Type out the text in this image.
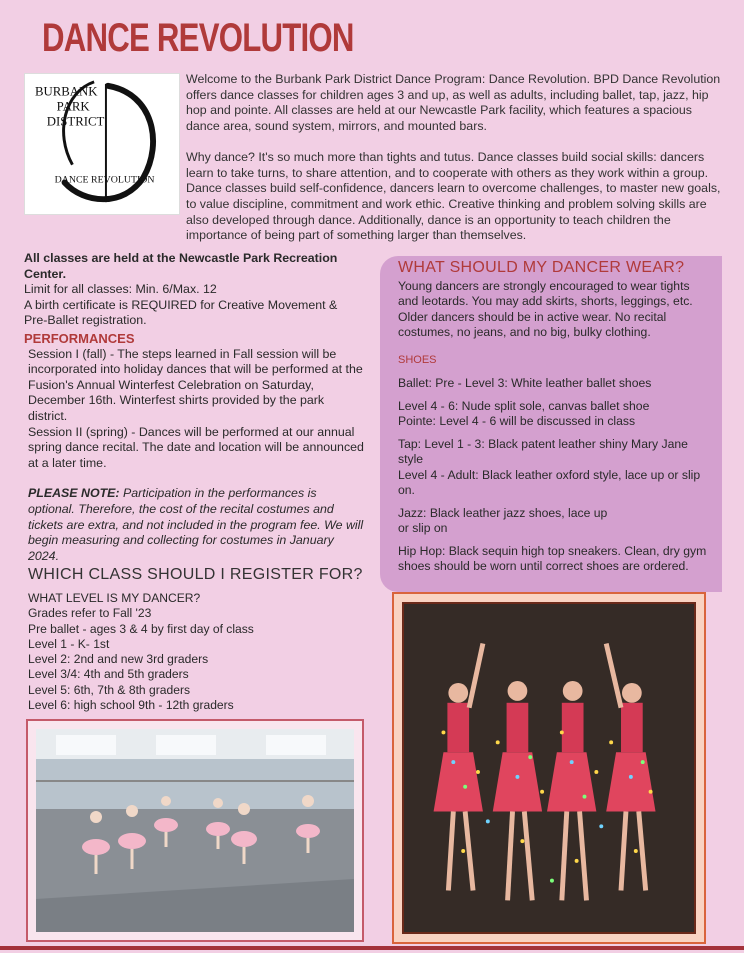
DANCE REVOLUTION
BURBANK
PARK
DISTRICT
DANCE REVOLUTION

Welcome to the Burbank Park District Dance Program: Dance Revolution. BPD Dance Revolution offers dance classes for children ages 3 and up, as well as adults, including ballet, tap, jazz, hip hop and pointe. All classes are held at our Newcastle Park facility, which features a spacious dance area, sound system, mirrors, and mounted bars.

Why dance? It's so much more than tights and tutus. Dance classes build social skills: dancers learn to take turns, to share attention, and to cooperate with others as they work within a group. Dance classes build self-confidence, dancers learn to overcome challenges, to master new goals, to value discipline, commitment and work ethic. Creative thinking and problem solving skills are also developed through dance. Additionally, dance is an opportunity to teach children the importance of being part of something larger than themselves.

All classes are held at the Newcastle Park Recreation Center.
Limit for all classes: Min. 6/Max. 12
A birth certificate is REQUIRED for Creative Movement & Pre-Ballet registration.
PERFORMANCES
Session I (fall) - The steps learned in Fall session will be incorporated into holiday dances that will be performed at the Fusion's Annual Winterfest Celebration on Saturday, December 16th. Winterfest shirts provided by the park district.
Session II (spring) - Dances will be performed at our annual spring dance recital. The date and location will be announced at a later time.
PLEASE NOTE: Participation in the performances is optional. Therefore, the cost of the recital costumes and tickets are extra, and not included in the program fee. We will begin measuring and collecting for costumes in January 2024.
WHICH CLASS SHOULD I REGISTER FOR?
WHAT LEVEL IS MY DANCER?
Grades refer to Fall '23
Pre ballet - ages 3 & 4 by first day of class
Level 1 - K- 1st
Level 2: 2nd and new 3rd graders
Level 3/4: 4th and 5th graders
Level 5: 6th, 7th & 8th graders
Level 6: high school 9th - 12th graders
WHAT SHOULD MY DANCER WEAR?
Young dancers are strongly encouraged to wear tights and leotards. You may add skirts, shorts, leggings, etc. Older dancers should be in active wear. No recital costumes, no jeans, and no big, bulky clothing.
SHOES
Ballet: Pre - Level 3: White leather ballet shoes
Level 4 - 6: Nude split sole, canvas ballet shoe
Pointe: Level 4 - 6 will be discussed in class
Tap: Level 1 - 3: Black patent leather shiny Mary Jane style
Level 4 - Adult: Black leather oxford style, lace up or slip on.
Jazz: Black leather jazz shoes, lace up
or slip on
Hip Hop: Black sequin high top sneakers. Clean, dry gym shoes should be worn until correct shoes are ordered.
